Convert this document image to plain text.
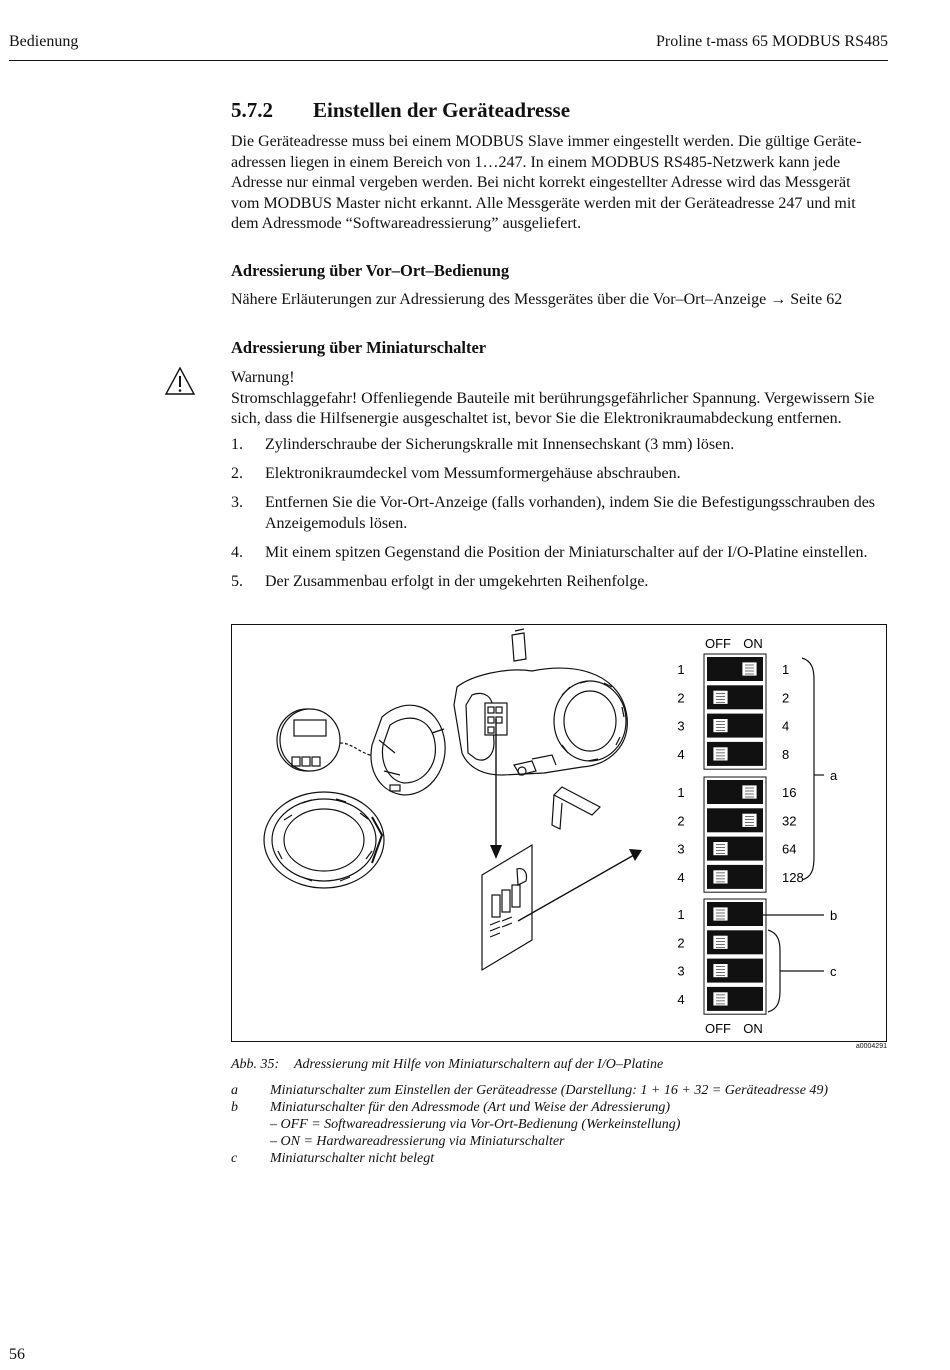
Bedienung	Proline t-mass 65 MODBUS RS485
5.7.2 Einstellen der Geräteadresse

Die Geräteadresse muss bei einem MODBUS Slave immer eingestellt werden. Die gültige Geräte-
adressen liegen in einem Bereich von 1…247. In einem MODBUS RS485-Netzwerk kann jede
Adresse nur einmal vergeben werden. Bei nicht korrekt eingestellter Adresse wird das Messgerät
vom MODBUS Master nicht erkannt. Alle Messgeräte werden mit der Geräteadresse 247 und mit
dem Adressmode “Softwareadressierung” ausgeliefert.

Adressierung über Vor–Ort–Bedienung

Nähere Erläuterungen zur Adressierung des Messgerätes über die Vor–Ort–Anzeige → Seite 62

Adressierung über Miniaturschalter

Warnung!
Stromschlaggefahr! Offenliegende Bauteile mit berührungsgefährlicher Spannung. Vergewissern Sie
sich, dass die Hilfsenergie ausgeschaltet ist, bevor Sie die Elektronikraumabdeckung entfernen.

1. Zylinderschraube der Sicherungskralle mit Innensechskant (3 mm) lösen.
2. Elektronikraumdeckel vom Messumformergehäuse abschrauben.
3. Entfernen Sie die Vor-Ort-Anzeige (falls vorhanden), indem Sie die Befestigungsschrauben des
Anzeigemoduls lösen.
4. Mit einem spitzen Gegenstand die Position der Miniaturschalter auf der I/O-Platine einstellen.
5. Der Zusammenbau erfolgt in der umgekehrten Reihenfolge.
1	1
2	2
3	4
4	8
1	16
2	32
3	64
4	128
1
2
3
4
a
b
c
OFF ON
OFF ON
a0004291
Abb. 35: Adressierung mit Hilfe von Miniaturschaltern auf der I/O–Platine
a Miniaturschalter zum Einstellen der Geräteadresse (Darstellung: 1 + 16 + 32 = Geräteadresse 49)
b Miniaturschalter für den Adressmode (Art und Weise der Adressierung)
– OFF = Softwareadressierung via Vor-Ort-Bedienung (Werkeinstellung)
– ON = Hardwareadressierung via Miniaturschalter
c Miniaturschalter nicht belegt
56
